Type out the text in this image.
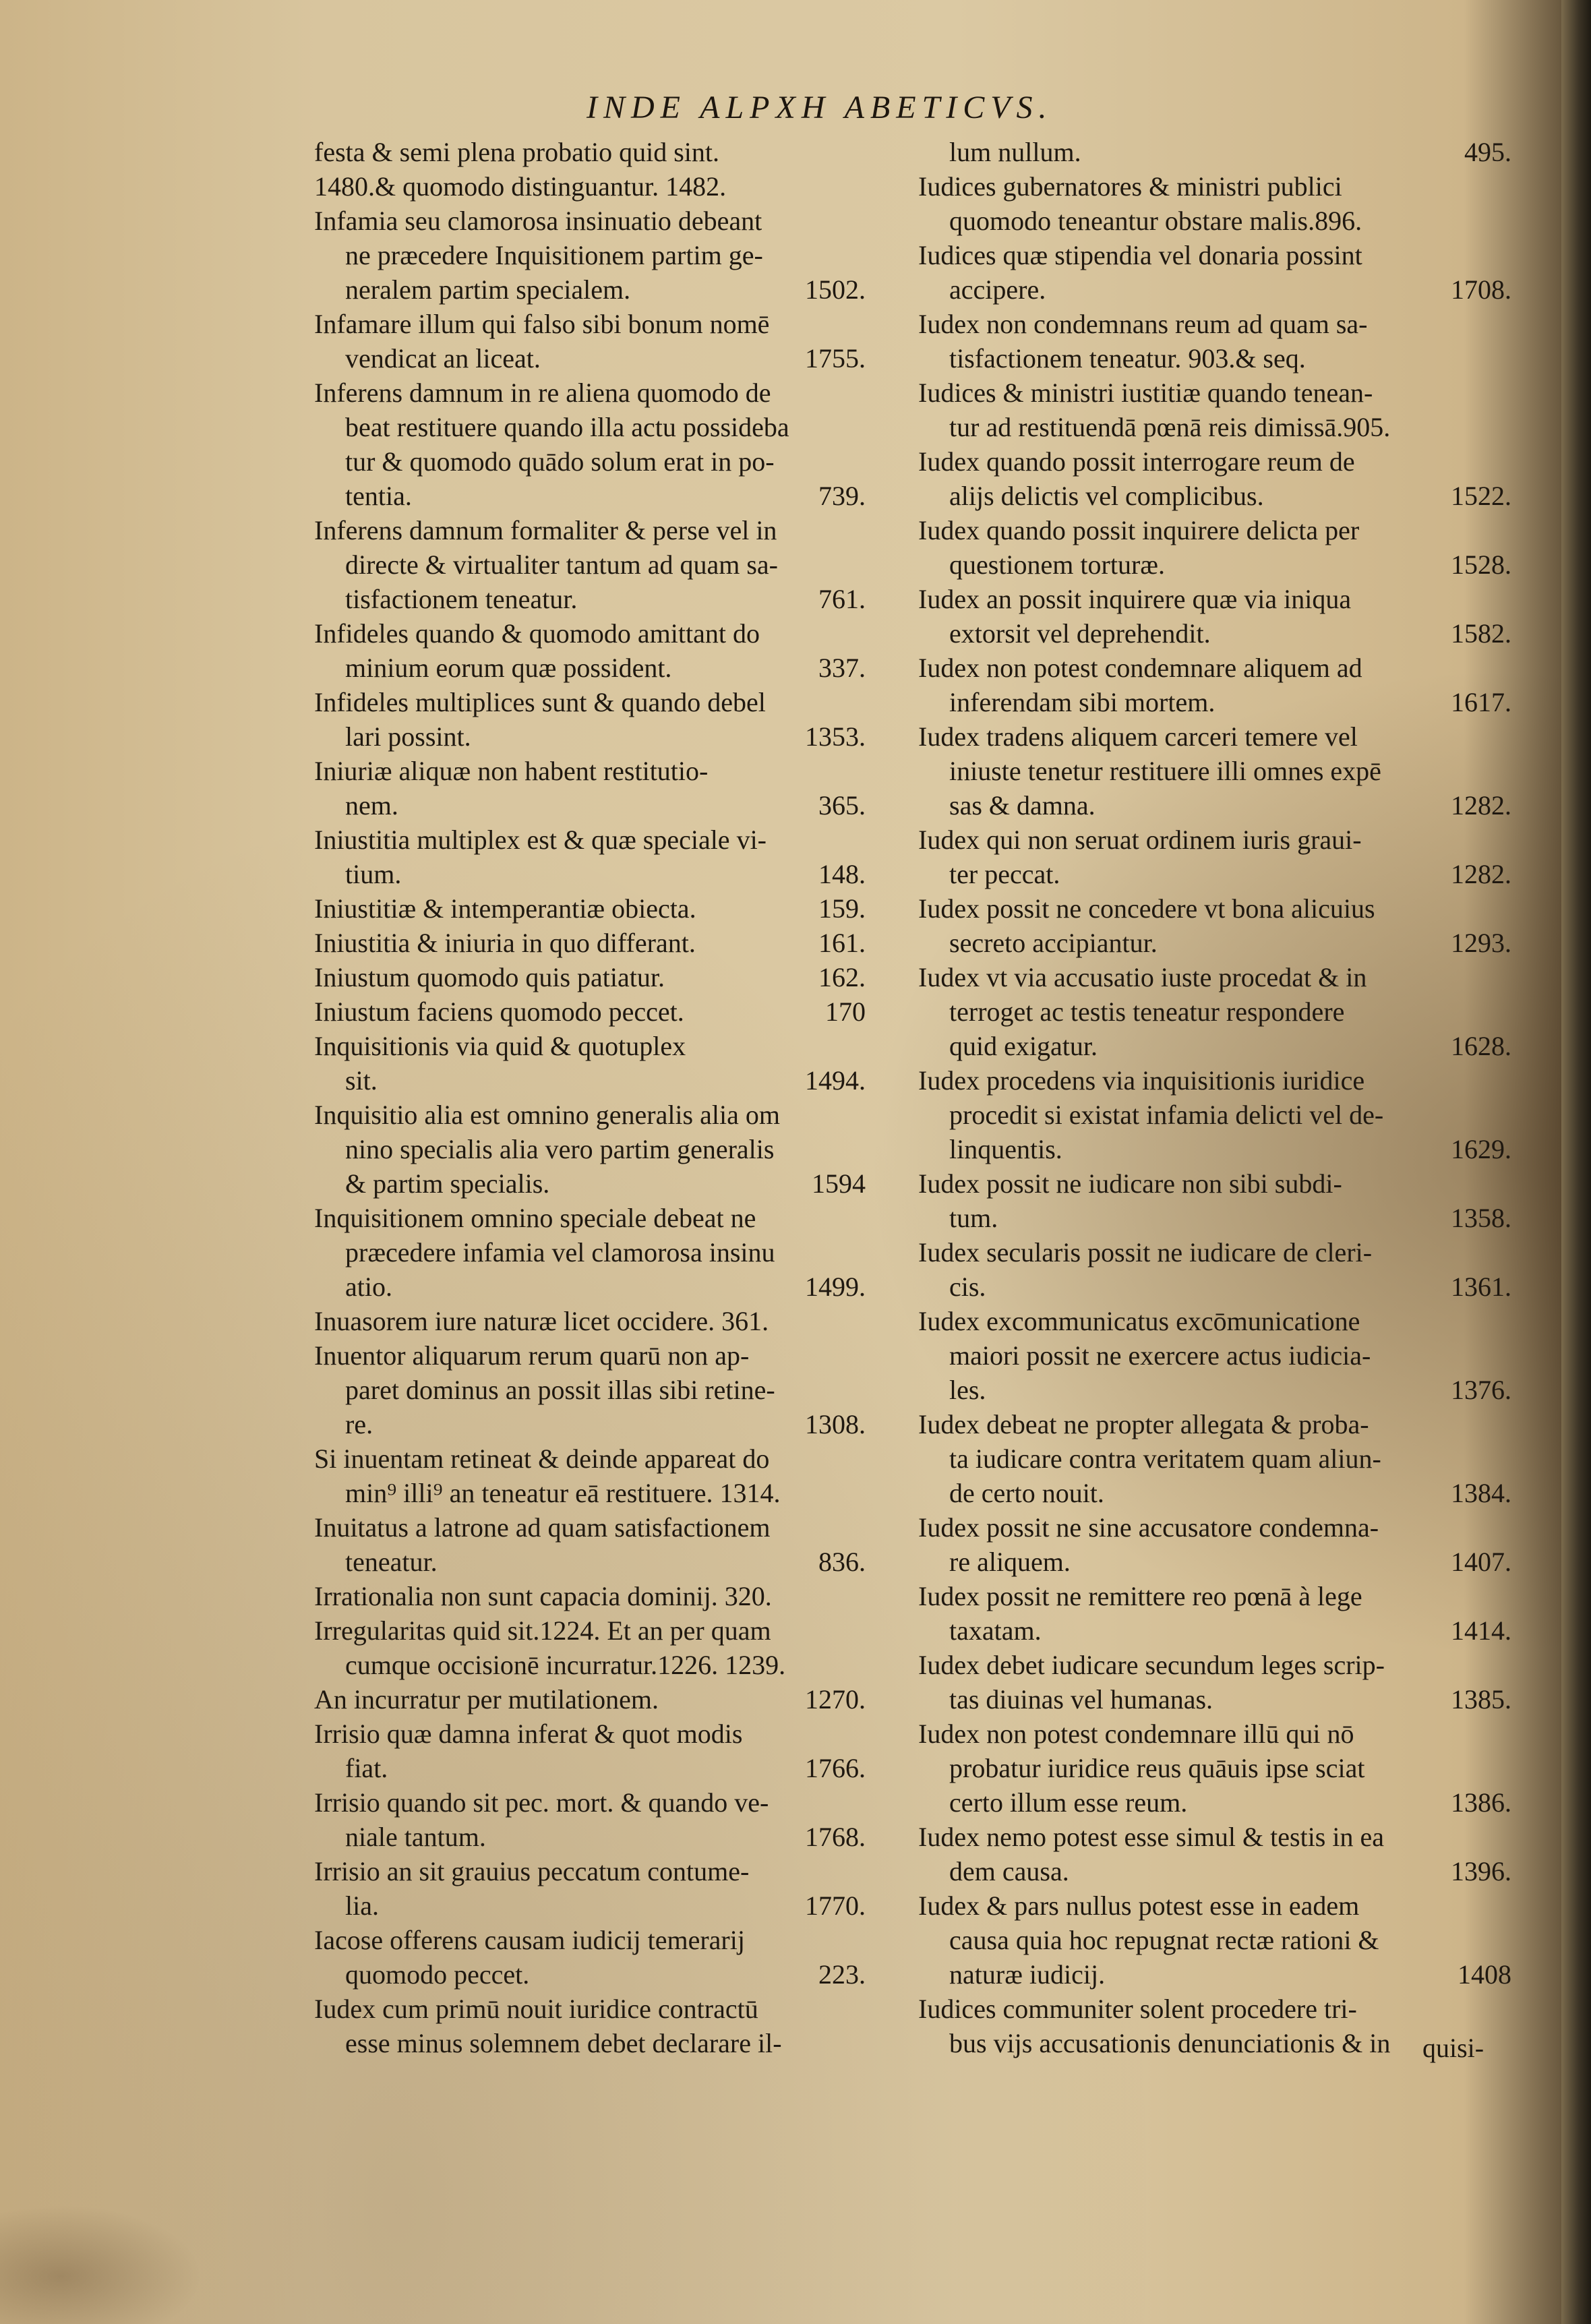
INDE ALPXH ABETICVS.
festa & semi plena probatio quid sint.
1480.& quomodo distinguantur. 1482.
Infamia seu clamorosa insinuatio debeant
ne præcedere Inquisitionem partim ge-
neralem partim specialem.	1502.
Infamare illum qui falso sibi bonum nomē
vendicat an liceat.	1755.
Inferens damnum in re aliena quomodo de
beat restituere quando illa actu possideba
tur & quomodo quādo solum erat in po-
tentia.	739.
Inferens damnum formaliter & perse vel in
directe & virtualiter tantum ad quam sa-
tisfactionem teneatur.	761.
Infideles quando & quomodo amittant do
minium eorum quæ possident.	337.
Infideles multiplices sunt & quando debel
lari possint.	1353.
Iniuriæ aliquæ non habent restitutio-
nem.	365.
Iniustitia multiplex est & quæ speciale vi-
tium.	148.
Iniustitiæ & intemperantiæ obiecta.	159.
Iniustitia & iniuria in quo differant.	161.
Iniustum quomodo quis patiatur.	162.
Iniustum faciens quomodo peccet.	170
Inquisitionis via quid & quotuplex
sit.	1494.
Inquisitio alia est omnino generalis alia om
nino specialis alia vero partim generalis
& partim specialis.	1594
Inquisitionem omnino speciale debeat ne
præcedere infamia vel clamorosa insinu
atio.	1499.
Inuasorem iure naturæ licet occidere. 361.
Inuentor aliquarum rerum quarū non ap-
paret dominus an possit illas sibi retine-
re.	1308.
Si inuentam retineat & deinde appareat do
min⁹ illi⁹ an teneatur eā restituere. 1314.
Inuitatus a latrone ad quam satisfactionem
teneatur.	836.
Irrationalia non sunt capacia dominij. 320.
Irregularitas quid sit.1224. Et an per quam
cumque occisionē incurratur.1226. 1239.
An incurratur per mutilationem.	1270.
Irrisio quæ damna inferat & quot modis
fiat.	1766.
Irrisio quando sit pec. mort. & quando ve-
niale tantum.	1768.
Irrisio an sit grauius peccatum contume-
lia.	1770.
Iacose offerens causam iudicij temerarij
quomodo peccet.	223.
Iudex cum primū nouit iuridice contractū
esse minus solemnem debet declarare il-
lum nullum.	495.
Iudices gubernatores & ministri publici
quomodo teneantur obstare malis.896.
Iudices quæ stipendia vel donaria possint
accipere.	1708.
Iudex non condemnans reum ad quam sa-
tisfactionem teneatur. 903.& seq.
Iudices & ministri iustitiæ quando tenean-
tur ad restituendā pœnā reis dimissā.905.
Iudex quando possit interrogare reum de
alijs delictis vel complicibus.	1522.
Iudex quando possit inquirere delicta per
questionem torturæ.	1528.
Iudex an possit inquirere quæ via iniqua
extorsit vel deprehendit.	1582.
Iudex non potest condemnare aliquem ad
inferendam sibi mortem.	1617.
Iudex tradens aliquem carceri temere vel
iniuste tenetur restituere illi omnes expē
sas & damna.	1282.
Iudex qui non seruat ordinem iuris graui-
ter peccat.	1282.
Iudex possit ne concedere vt bona alicuius
secreto accipiantur.	1293.
Iudex vt via accusatio iuste procedat & in
terroget ac testis teneatur respondere
quid exigatur.	1628.
Iudex procedens via inquisitionis iuridice
procedit si existat infamia delicti vel de-
linquentis.	1629.
Iudex possit ne iudicare non sibi subdi-
tum.	1358.
Iudex secularis possit ne iudicare de cleri-
cis.	1361.
Iudex excommunicatus excōmunicatione
maiori possit ne exercere actus iudicia-
les.	1376.
Iudex debeat ne propter allegata & proba-
ta iudicare contra veritatem quam aliun-
de certo nouit.	1384.
Iudex possit ne sine accusatore condemna-
re aliquem.	1407.
Iudex possit ne remittere reo pœnā à lege
taxatam.	1414.
Iudex debet iudicare secundum leges scrip-
tas diuinas vel humanas.	1385.
Iudex non potest condemnare illū qui nō
probatur iuridice reus quāuis ipse sciat
certo illum esse reum.	1386.
Iudex nemo potest esse simul & testis in ea
dem causa.	1396.
Iudex & pars nullus potest esse in eadem
causa quia hoc repugnat rectæ rationi &
naturæ iudicij.	1408
Iudices communiter solent procedere tri-
bus vijs accusationis denunciationis & in quisi-
